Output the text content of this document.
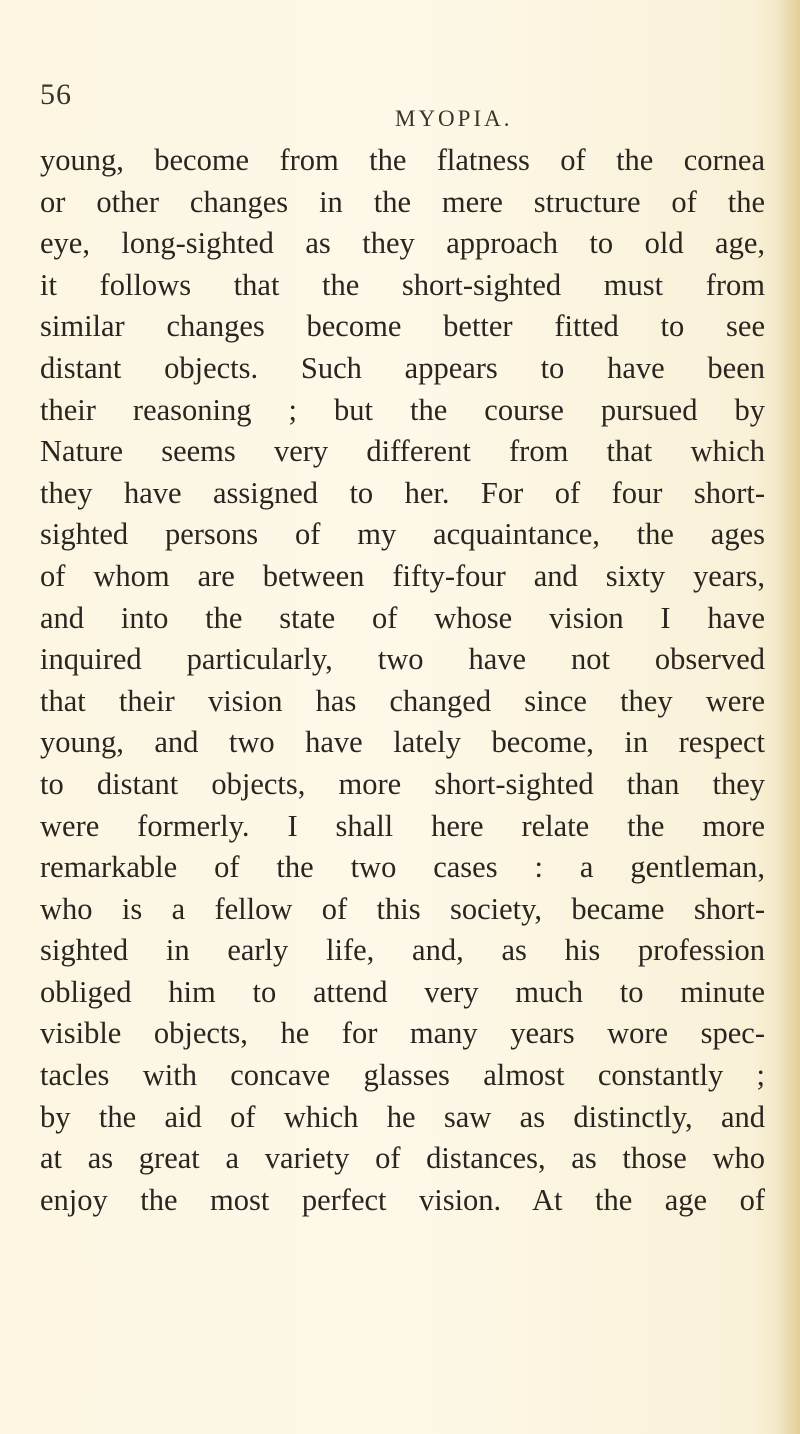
56
MYOPIA.
young, become from the flatness of the cornea
or other changes in the mere structure of the
eye, long-sighted as they approach to old age,
it follows that the short-sighted must from
similar changes become better fitted to see
distant objects. Such appears to have been
their reasoning ; but the course pursued by
Nature seems very different from that which
they have assigned to her. For of four short-
sighted persons of my acquaintance, the ages
of whom are between fifty-four and sixty years,
and into the state of whose vision I have
inquired particularly, two have not observed
that their vision has changed since they were
young, and two have lately become, in respect
to distant objects, more short-sighted than they
were formerly. I shall here relate the more
remarkable of the two cases : a gentleman,
who is a fellow of this society, became short-
sighted in early life, and, as his profession
obliged him to attend very much to minute
visible objects, he for many years wore spec-
tacles with concave glasses almost constantly ;
by the aid of which he saw as distinctly, and
at as great a variety of distances, as those who
enjoy the most perfect vision. At the age of
